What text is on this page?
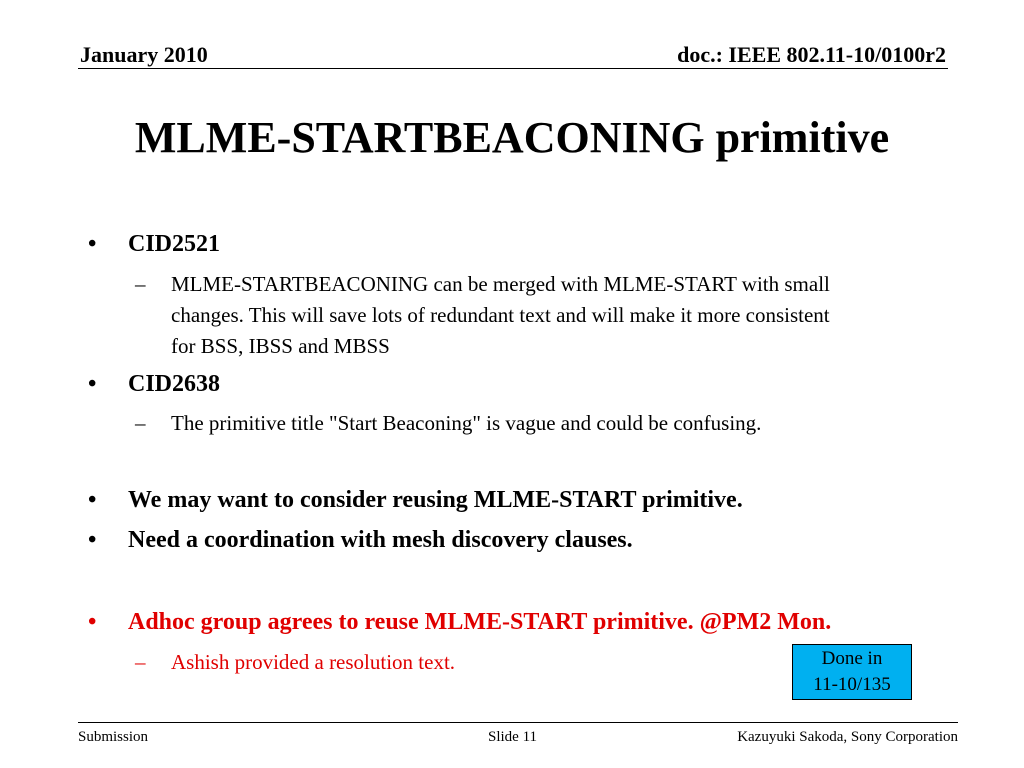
January 2010	doc.: IEEE 802.11-10/0100r2
MLME-STARTBEACONING primitive
• CID2521
– MLME-STARTBEACONING can be merged with MLME-START with small
changes. This will save lots of redundant text and will make it more consistent
for BSS, IBSS and MBSS
• CID2638
– The primitive title "Start Beaconing" is vague and could be confusing.
• We may want to consider reusing MLME-START primitive.
• Need a coordination with mesh discovery clauses.
• Adhoc group agrees to reuse MLME-START primitive. @PM2 Mon.
– Ashish provided a resolution text.	Done in
11-10/135
Submission	Slide 11	Kazuyuki Sakoda, Sony Corporation
